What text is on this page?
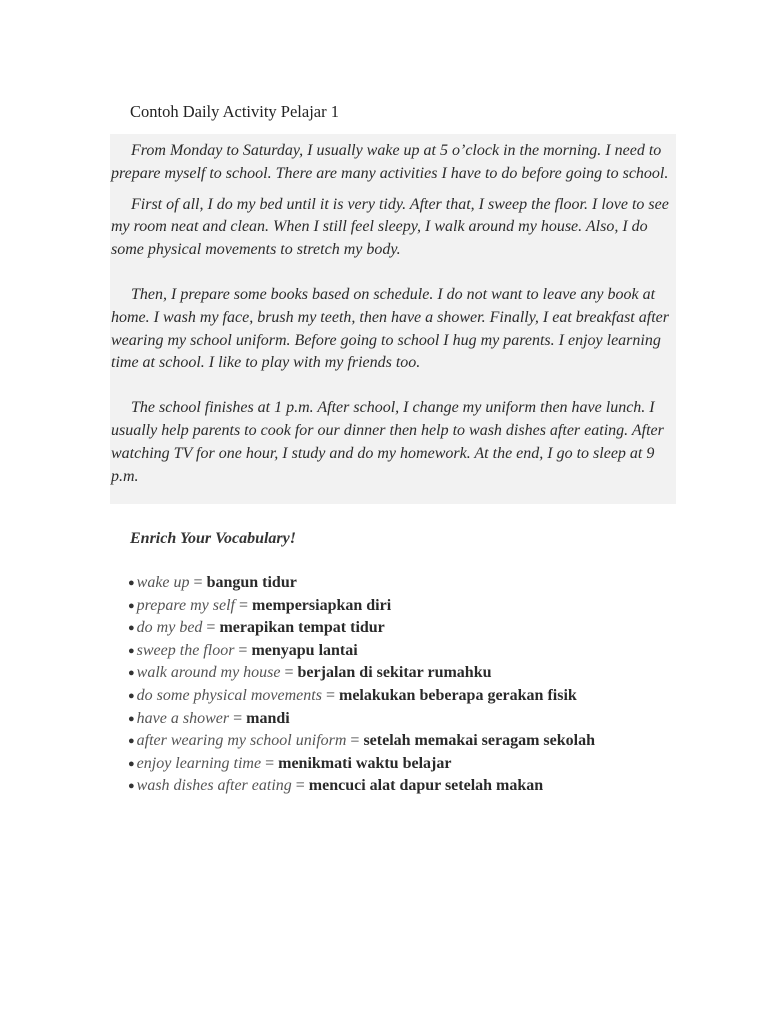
Contoh Daily Activity Pelajar 1

From Monday to Saturday, I usually wake up at 5 o’clock in the morning. I need to prepare myself to school. There are many activities I have to do before going to school.

First of all, I do my bed until it is very tidy. After that, I sweep the floor. I love to see my room neat and clean. When I still feel sleepy, I walk around my house. Also, I do some physical movements to stretch my body.

Then, I prepare some books based on schedule. I do not want to leave any book at home. I wash my face, brush my teeth, then have a shower. Finally, I eat breakfast after wearing my school uniform. Before going to school I hug my parents. I enjoy learning time at school. I like to play with my friends too.

The school finishes at 1 p.m. After school, I change my uniform then have lunch. I usually help parents to cook for our dinner then help to wash dishes after eating. After watching TV for one hour, I study and do my homework. At the end, I go to sleep at 9 p.m.

Enrich Your Vocabulary!
● wake up = bangun tidur
● prepare my self = mempersiapkan diri
● do my bed = merapikan tempat tidur
● sweep the floor = menyapu lantai
● walk around my house = berjalan di sekitar rumahku
● do some physical movements = melakukan beberapa gerakan fisik
● have a shower = mandi
● after wearing my school uniform = setelah memakai seragam sekolah
● enjoy learning time = menikmati waktu belajar
● wash dishes after eating = mencuci alat dapur setelah makan
